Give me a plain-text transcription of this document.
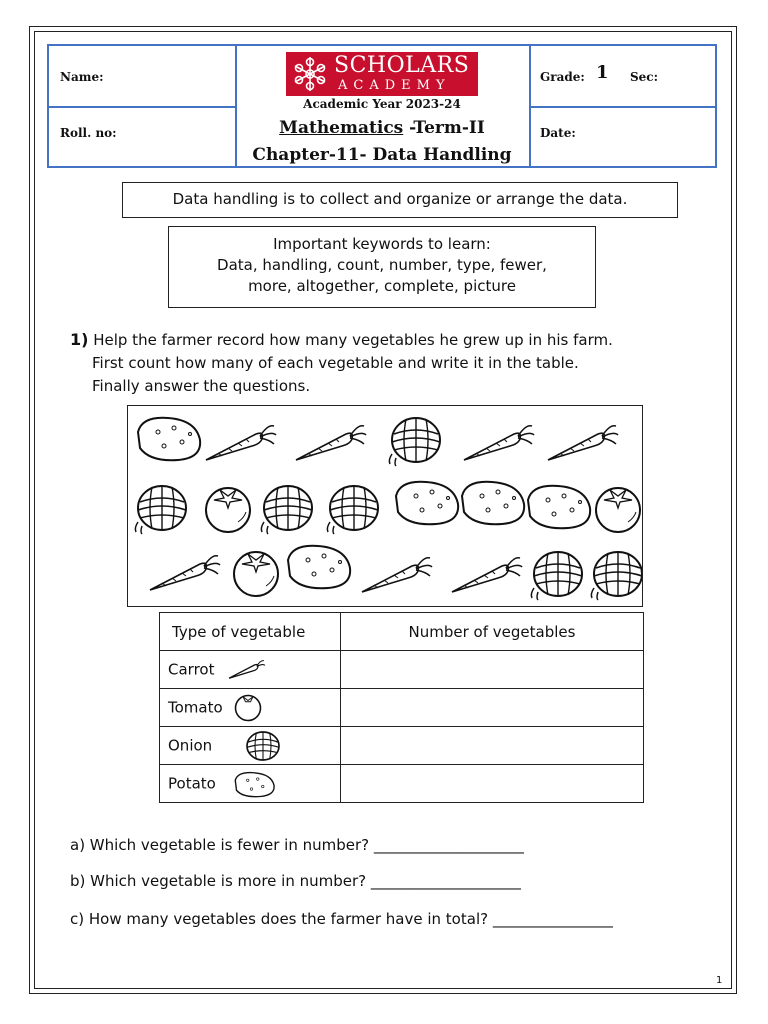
Name:
Roll. no:
Grade: 1 Sec:
Date:
SCHOLARS
ACADEMY
Academic Year 2023-24
Mathematics -Term-II
Chapter-11- Data Handling
Data handling is to collect and organize or arrange the data.
Important keywords to learn:
Data, handling, count, number, type, fewer,
more, altogether, complete, picture
1) Help the farmer record how many vegetables he grew up in his farm.
First count how many of each vegetable and write it in the table.
Finally answer the questions.
Type of vegetable	Number of vegetables
Carrot	
Tomato	
Onion	
Potato	
a) Which vegetable is fewer in number? ____________________
b) Which vegetable is more in number? ____________________
c) How many vegetables does the farmer have in total? ________________
1
